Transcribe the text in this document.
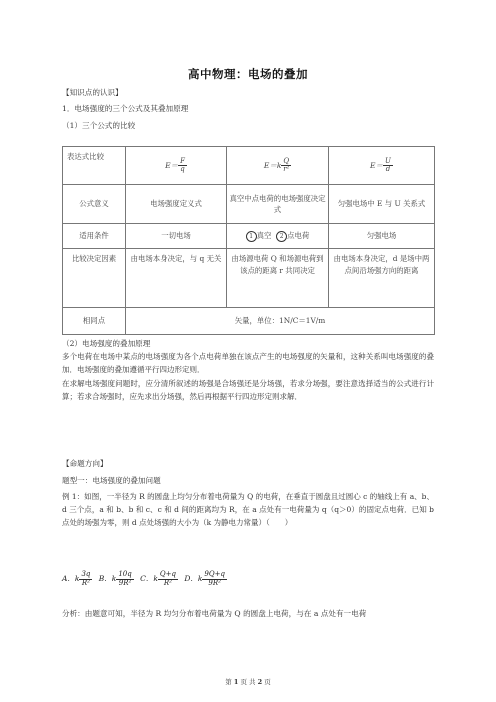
高中物理：电场的叠加
【知识点的认识】
1．电场强度的三个公式及其叠加原理
（1）三个公式的比较
表达式比较	$E= \frac{F}{q}$	$E=k \frac{Q}{\text{r²}}$	$E= \frac{U}{d}$

公式意义	电场强度定义式	真空中点电荷的电场强度决定式	匀强电场中 E 与 U 关系式
适用条件	一切电场	1 真空 2 点电荷	匀强电场
比较决定因素	由电场本身决定，与 q 无关	由场源电荷 Q 和场源电荷到该点的距离 r 共同决定	由电场本身决定，d 是场中两点间沿场强方向的距离
相同点	矢量，单位：1N/C＝1V/m		
（2）电场强度的叠加原理
多个电荷在电场中某点的电场强度为各个点电荷单独在该点产生的电场强度的矢量和，这种关系叫电场强度的叠加．电场强度的叠加遵循平行四边形定则．
在求解电场强度问题时，应分清所叙述的场强是合场强还是分场强，若求分场强，要注意选择适当的公式进行计算；若求合场强时，应先求出分场强，然后再根据平行四边形定则求解．
【命题方向】
题型一：电场强度的叠加问题
例 1：如图，一半径为 R 的圆盘上均匀分布着电荷量为 Q 的电荷，在垂直于圆盘且过圆心 c 的轴线上有 a、b、d 三个点，a 和 b、b 和 c、c 和 d 间的距离均为 R，在 a 点处有一电荷量为 q（q＞0）的固定点电荷．已知 b 点处的场强为零，则 d 点处场强的大小为（k 为静电力常量）（　　）
A．k $\frac{3q}{\text{R²}}$ B．k $\frac{10q}{\text{9R²}}$ C．k $\frac{Q+q}{\text{R²}}$ D．k $\frac{9Q+q}{\text{9R²}}$
分析：由题意可知，半径为 R 均匀分布着电荷量为 Q 的圆盘上电荷，与在 a 点处有一电荷
第 1 页 共 2 页
